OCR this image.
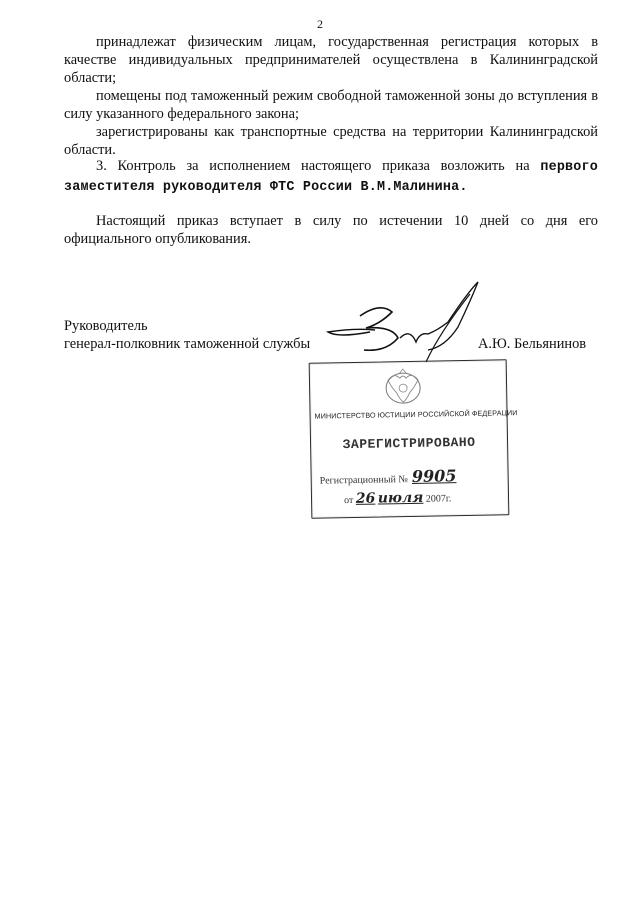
2

принадлежат физическим лицам, государственная регистрация которых в качестве индивидуальных предпринимателей осуществлена в Калининградской области;

помещены под таможенный режим свободной таможенной зоны до вступления в силу указанного федерального закона;

зарегистрированы как транспортные средства на территории Калининградской области.

3. Контроль за исполнением настоящего приказа возложить на первого заместителя руководителя ФТС России В.М.Малинина.

Настоящий приказ вступает в силу по истечении 10 дней со дня его официального опубликования.

Руководитель
генерал-полковник таможенной службы	А.Ю. Бельянинов
МИНИСТЕРСТВО ЮСТИЦИИ РОССИЙСКОЙ ФЕДЕРАЦИИ
ЗАРЕГИСТРИРОВАНО
Регистрационный № 9905
от 26 июля 2007г.
